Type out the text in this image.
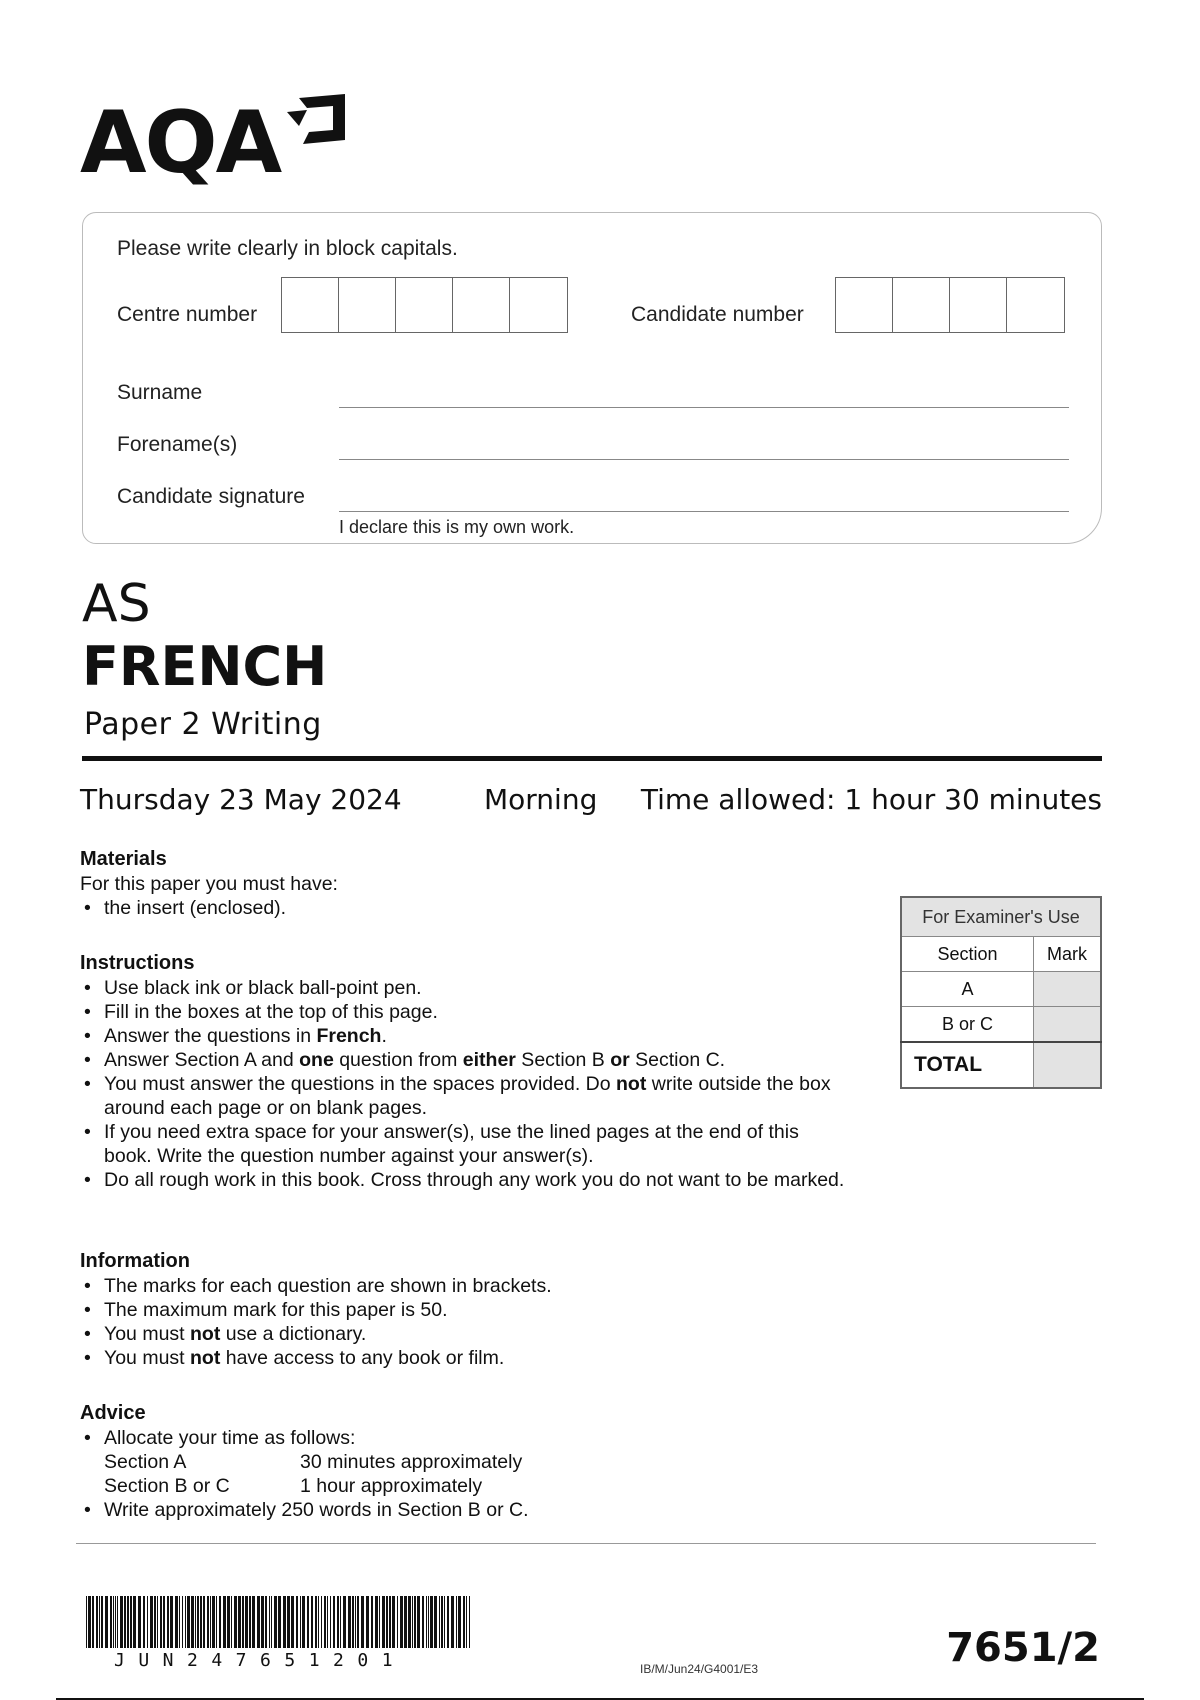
AQA
Please write clearly in block capitals.
Centre number	Candidate number
Surname
Forename(s)
Candidate signature
I declare this is my own work.
AS
FRENCH
Paper 2 Writing
Thursday 23 May 2024	Morning Time allowed: 1 hour 30 minutes
Materials
For this paper you must have:
• the insert (enclosed).
Instructions
• Use black ink or black ball-point pen.
• Fill in the boxes at the top of this page.
• Answer the questions in French.
• Answer Section A and one question from either Section B or Section C.
• You must answer the questions in the spaces provided. Do not write outside the box around each page or on blank pages.
• If you need extra space for your answer(s), use the lined pages at the end of this book. Write the question number against your answer(s).
• Do all rough work in this book. Cross through any work you do not want to be marked.
Information
• The marks for each question are shown in brackets.
• The maximum mark for this paper is 50.
• You must not use a dictionary.
• You must not have access to any book or film.
Advice
• Allocate your time as follows:
Section A	30 minutes approximately
Section B or C	1 hour approximately
• Write approximately 250 words in Section B or C.
For Examiner's Use	
Section	Mark
A	
B or C	
TOTAL	
JUN247651201	IB/M/Jun24/G4001/E3	7651/2
